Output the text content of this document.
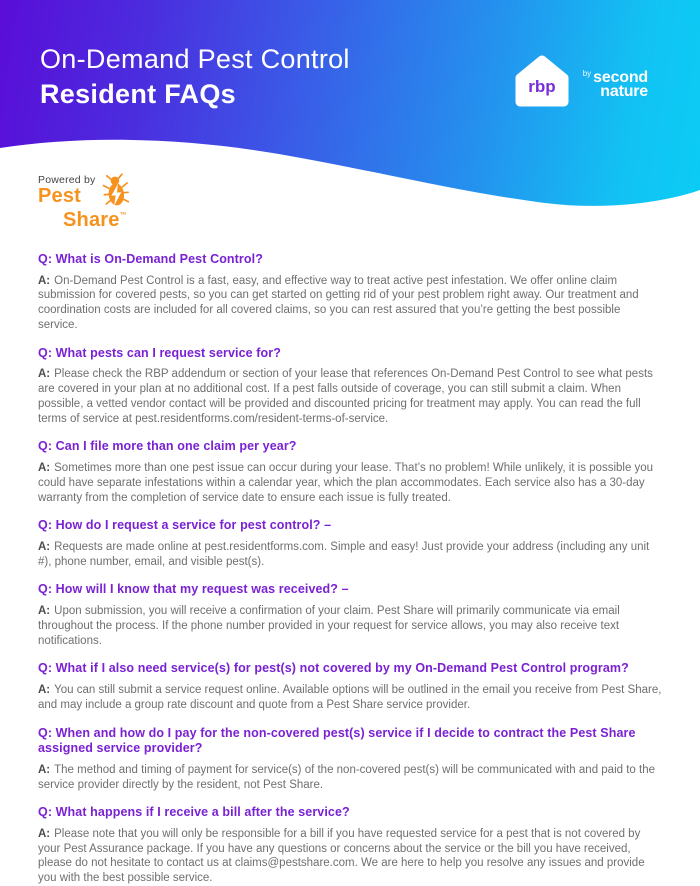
On-Demand Pest Control
Resident FAQs	rbp
$^{by}$ second
nature
Powered by
Pest
Share™
Q: What is On-Demand Pest Control?

A: On-Demand Pest Control is a fast, easy, and effective way to treat active pest infestation. We offer online claim submission for covered pests, so you can get started on getting rid of your pest problem right away. Our treatment and coordination costs are included for all covered claims, so you can rest assured that you’re getting the best possible service.

Q: What pests can I request service for?

A: Please check the RBP addendum or section of your lease that references On-Demand Pest Control to see what pests are covered in your plan at no additional cost. If a pest falls outside of coverage, you can still submit a claim. When possible, a vetted vendor contact will be provided and discounted pricing for treatment may apply. You can read the full terms of service at pest.residentforms.com/resident-terms-of-service.

Q: Can I file more than one claim per year?

A: Sometimes more than one pest issue can occur during your lease. That’s no problem! While unlikely, it is possible you could have separate infestations within a calendar year, which the plan accommodates. Each service also has a 30-day warranty from the completion of service date to ensure each issue is fully treated.

Q: How do I request a service for pest control? –

A: Requests are made online at pest.residentforms.com. Simple and easy! Just provide your address (including any unit #), phone number, email, and visible pest(s).

Q: How will I know that my request was received? –

A: Upon submission, you will receive a confirmation of your claim. Pest Share will primarily communicate via email throughout the process. If the phone number provided in your request for service allows, you may also receive text notifications.

Q: What if I also need service(s) for pest(s) not covered by my On-Demand Pest Control program?

A: You can still submit a service request online. Available options will be outlined in the email you receive from Pest Share, and may include a group rate discount and quote from a Pest Share service provider.

Q: When and how do I pay for the non-covered pest(s) service if I decide to contract the Pest Share assigned service provider?

A: The method and timing of payment for service(s) of the non-covered pest(s) will be communicated with and paid to the service provider directly by the resident, not Pest Share.

Q: What happens if I receive a bill after the service?

A: Please note that you will only be responsible for a bill if you have requested service for a pest that is not covered by your Pest Assurance package. If you have any questions or concerns about the service or the bill you have received, please do not hesitate to contact us at claims@pestshare.com. We are here to help you resolve any issues and provide you with the best possible service.
